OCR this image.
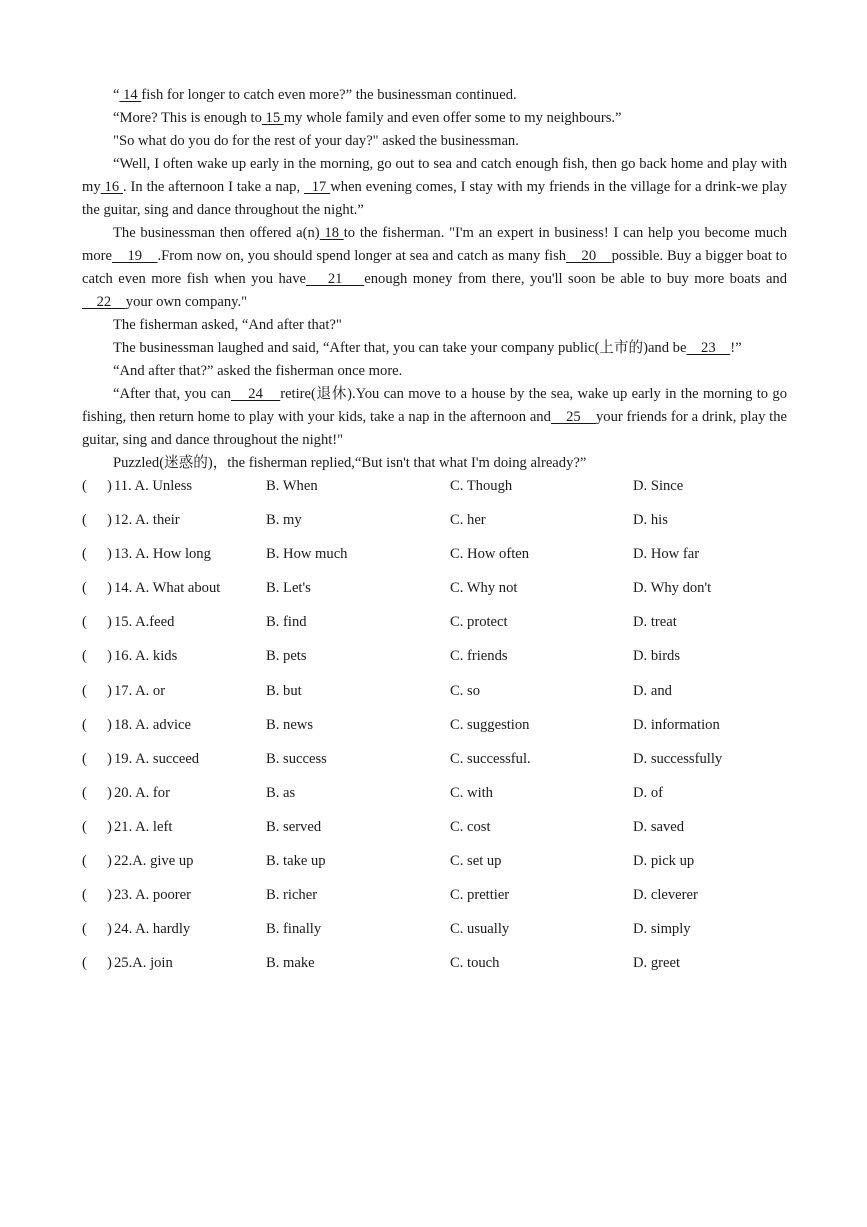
“ 14 fish for longer to catch even more?” the businessman continued.

“More? This is enough to 15 my whole family and even offer some to my neighbours.”

"So what do you do for the rest of your day?" asked the businessman.

“Well, I often wake up early in the morning, go out to sea and catch enough fish, then go back home and play with my 16 . In the afternoon I take a nap,   17 when evening comes, I stay with my friends in the village for a drink-we play the guitar, sing and dance throughout the night.”

The businessman then offered a(n) 18 to the fisherman. "I'm an expert in business! I can help you become much more    19    .From now on, you should spend longer at sea and catch as many fish    20    possible. Buy a bigger boat to catch even more fish when you have    21    enough money from there, you'll soon be able to buy more boats and    22    your own company."

The fisherman asked, “And after that?"

The businessman laughed and said, “After that, you can take your company public(上市的)and be    23    !”

“And after that?” asked the fisherman once more.

“After that, you can    24    retire(退休).You can move to a house by the sea, wake up early in the morning to go fishing, then return home to play with your kids, take a nap in the afternoon and    25    your friends for a drink, play the guitar, sing and dance throughout the night!"

Puzzled(迷惑的)，the fisherman replied,“But isn't that what I'm doing already?”

( ) 11. A. Unless	B. When	C. Though	D. Since
( ) 12. A. their	B. my	C. her	D. his
( ) 13. A. How long	B. How much	C. How often	D. How far
( ) 14. A. What about	B. Let's	C. Why not	D. Why don't
( ) 15. A.feed	B. find	C. protect	D. treat
( ) 16. A. kids	B. pets	C. friends	D. birds
( ) 17. A. or	B. but	C. so	D. and
( ) 18. A. advice	B. news	C. suggestion	D. information
( ) 19. A. succeed	B. success	C. successful.	D. successfully
( ) 20. A. for	B. as	C. with	D. of
( ) 21. A. left	B. served	C. cost	D. saved
( ) 22.A. give up	B. take up	C. set up	D. pick up
( ) 23. A. poorer	B. richer	C. prettier	D. cleverer
( ) 24. A. hardly	B. finally	C. usually	D. simply
( ) 25.A. join	B. make	C. touch	D. greet
